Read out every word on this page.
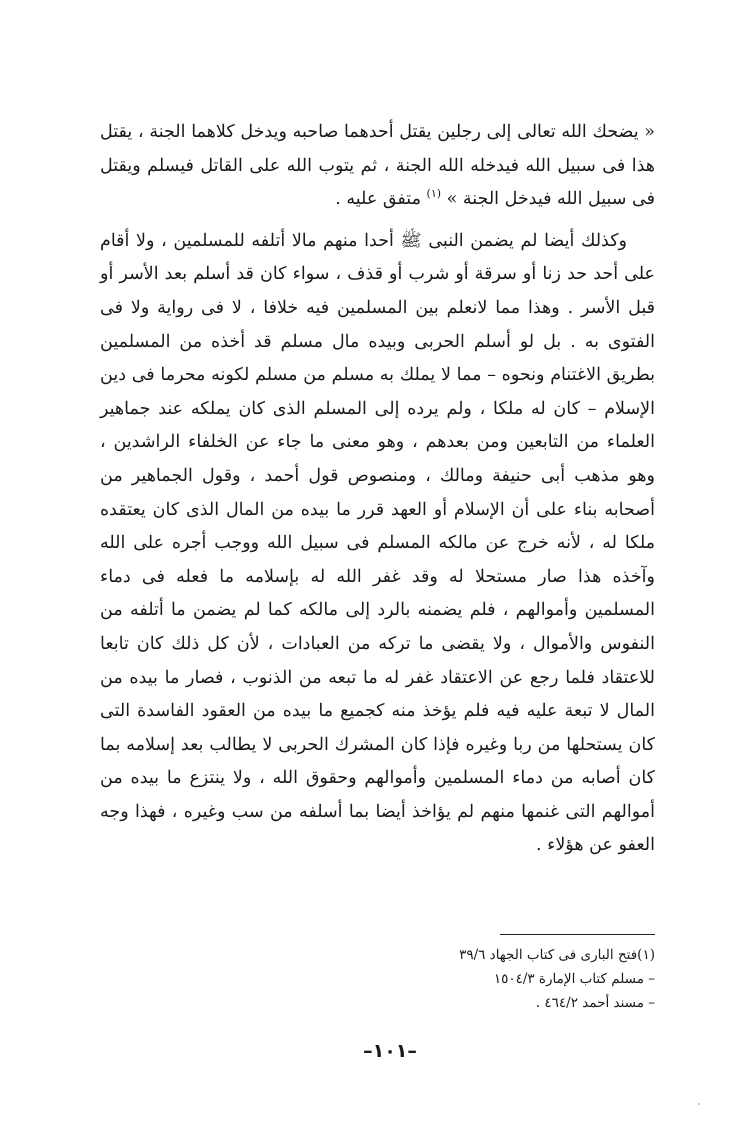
« يضحك الله تعالى إلى رجلين يقتل أحدهما صاحبه ويدخل كلاهما الجنة ، يقتل هذا فى سبيل الله فيدخله الله الجنة ، ثم يتوب الله على القاتل فيسلم ويقتل فى سبيل الله فيدخل الجنة » $^{(١)}$ متفق عليه .

وكذلك أيضا لم يضمن النبى ﷺ أحدا منهم مالا أتلفه للمسلمين ، ولا أقام على أحد حد زنا أو سرقة أو شرب أو قذف ، سواء كان قد أسلم بعد الأسر أو قبل الأسر . وهذا مما لانعلم بين المسلمين فيه خلافا ، لا فى رواية ولا فى الفتوى به . بل لو أسلم الحربى وبيده مال مسلم قد أخذه من المسلمين بطريق الاغتنام ونحوه – مما لا يملك به مسلم من مسلم لكونه محرما فى دين الإسلام – كان له ملكا ، ولم يرده إلى المسلم الذى كان يملكه عند جماهير العلماء من التابعين ومن بعدهم ، وهو معنى ما جاء عن الخلفاء الراشدين ، وهو مذهب أبى حنيفة ومالك ، ومنصوص قول أحمد ، وقول الجماهير من أصحابه بناء على أن الإسلام أو العهد قرر ما بيده من المال الذى كان يعتقده ملكا له ، لأنه خرج عن مالكه المسلم فى سبيل الله ووجب أجره على الله وآخذه هذا صار مستحلا له وقد غفر الله له بإسلامه ما فعله فى دماء المسلمين وأموالهم ، فلم يضمنه بالرد إلى مالكه كما لم يضمن ما أتلفه من النفوس والأموال ، ولا يقضى ما تركه من العبادات ، لأن كل ذلك كان تابعا للاعتقاد فلما رجع عن الاعتقاد غفر له ما تبعه من الذنوب ، فصار ما بيده من المال لا تبعة عليه فيه فلم يؤخذ منه كجميع ما بيده من العقود الفاسدة التى كان يستحلها من ربا وغيره فإذا كان المشرك الحربى لا يطالب بعد إسلامه بما كان أصابه من دماء المسلمين وأموالهم وحقوق الله ، ولا ينتزع ما بيده من أموالهم التى غنمها منهم لم يؤاخذ أيضا بما أسلفه من سب وغيره ، فهذا وجه العفو عن هؤلاء .

(١)فتح البارى فى كتاب الجهاد ٣٩/٦
– مسلم كتاب الإمارة ١٥٠٤/٣
– مسند أحمد ٤٦٤/٢ .
–١٠١–
